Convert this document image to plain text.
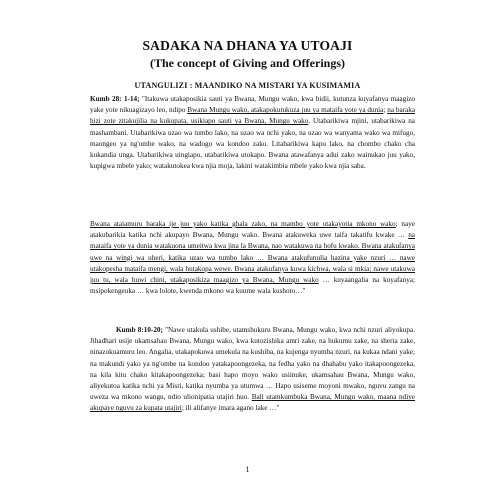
SADAKA NA DHANA YA UTOAJI
(The concept of Giving and Offerings)
UTANGULIZI : MAANDIKO NA MISTARI YA KUSIMAMIA

Kumb 28: 1-14; "Itakuwa utakaposikia sauti ya Bwana, Mungu wako, kwa bidii, kutunza kuyafanya maagizo yake yote nikuagizayo leo, ndipo Bwana Mungu wako, atakapokutukuza juu ya mataifa yote ya dunia; na baraka hizi zote zitakujilia na kukupata, usikiapo sauti ya Bwana, Mungu wako. Utabarikiwa mjini, utabarikiwa na mashambani. Utabarikiwa uzao wa tumbo lako, na uzao wa nchi yako, na uzao wa wanyama wako wa mifugo, maongeo ya ng'ombe wako, na wadogo wa kondoo zako. Litabarikiwa kapu lako, na chombo chako cha kukandia unga. Utabarikiwa uingiapo, utabarikiwa utokapo. Bwana atawafanya adui zako wainukao juu yako, kupigwa mbele yako; watakutokea kwa njia moja, lakini watakimbia mbele yako kwa njia saba.

Bwana ataiamuru baraka ije juu yako katika ghala zako, na mambo yote utakayotia mkono wako; naye atakubarikia katika nchi akupayo Bwana, Mungu wako. Bwana atakuweka uwe taifa takatifu kwake … na mataifa yote ya dunia watakuona umeitwa kwa jina la Bwana, nao watakuwa na hofu kwako. Bwana atakufanya uwe na wingi wa uheri, katika uzao wa tumbo lako … Bwana atakufunulia hazina yake nzuri … nawe utakopesha mataifa mengi, wala hutakopa wewe. Bwana atakufanya kuwa kichwa, wala si mkia; nawe utakuwa juu tu, wala huwi chini, utakaposikiza maagizo ya Bwana, Mungu wako … kuyaangalia na kuyafanya; msipokengeuka … kwa lolote, kwenda mkono wa kuume wala kushoto…"

Kumb 8:10-20; "Nawe utakula ushibe, utamshukuru Bwana, Mungu wako, kwa nchi nzuri aliyokupa. Jihadhari usije ukamsahau Bwana, Mungu wako, kwa kutozishika amri zake, na hukumu zake, na sheria zake, ninazokuamuru leo. Angalia, utakapokuwa umekula na kushiba, na kujenga nyumba nzuri, na kukaa ndani yake; na makundi yako ya ng'ombe na kondoo yatakapoongezeka, na fedha yako na dhahabu yako itakapoongezeka, na kila kitu chako kitakapoongezeka; basi hapo moyo wako usiinuke, ukamsahau Bwana, Mungu wako, aliyekutoa katika nchi ya Misri, katika nyumba ya utumwa … Hapo usiseme moyoni mwako, nguvu zangu na uweza wa mkono wangu, ndio ulionipatia utajiri huo. Bali utamkumbuka Bwana, Mungu wako, maana ndiye akupaye nguvu za kupata utajiri; ili alifanye imara agano lake …"

1
